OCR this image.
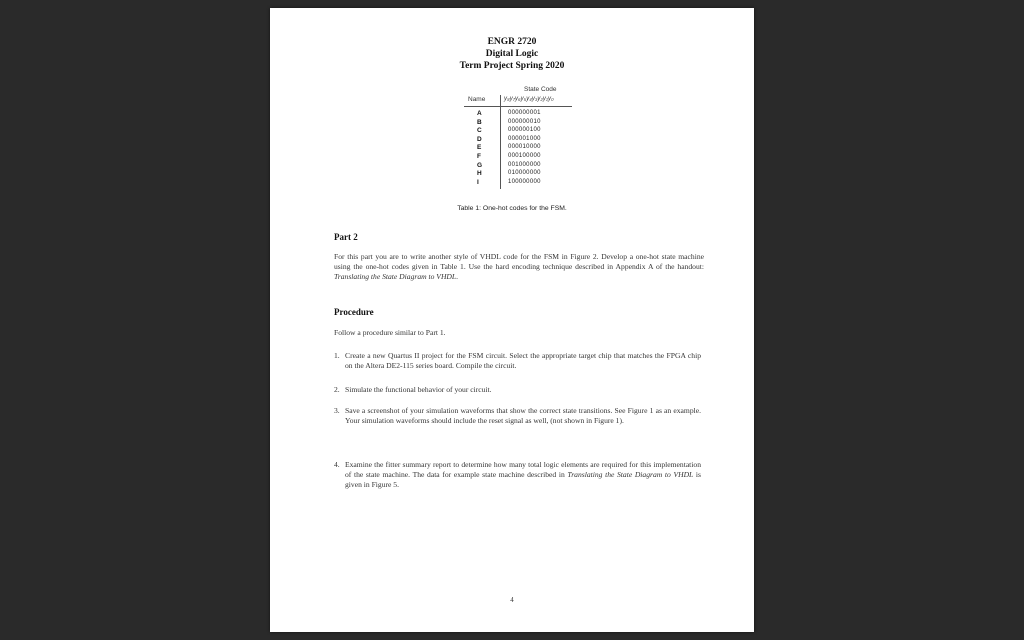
ENGR 2720
Digital Logic
Term Project Spring 2020
State Code
Name	y₈y₇y₆y₅y₄y₃y₂y₁y₀
A	000000001
B	000000010
C	000000100
D	000001000
E	000010000
F	000100000
G	001000000
H	010000000
I	100000000
Table 1: One-hot codes for the FSM.
Part 2
For this part you are to write another style of VHDL code for the FSM in Figure 2. Develop a one-hot state machine using the one-hot codes given in Table 1. Use the hard encoding technique described in Appendix A of the handout: Translating the State Diagram to VHDL.
Procedure
Follow a procedure similar to Part 1.
1. Create a new Quartus II project for the FSM circuit. Select the appropriate target chip that matches the FPGA chip on the Altera DE2-115 series board. Compile the circuit.
2. Simulate the functional behavior of your circuit.
3. Save a screenshot of your simulation waveforms that show the correct state transitions. See Figure 1 as an example. Your simulation waveforms should include the reset signal as well, (not shown in Figure 1).
4. Examine the fitter summary report to determine how many total logic elements are required for this implementation of the state machine. The data for example state machine described in Translating the State Diagram to VHDL is given in Figure 5.
4
